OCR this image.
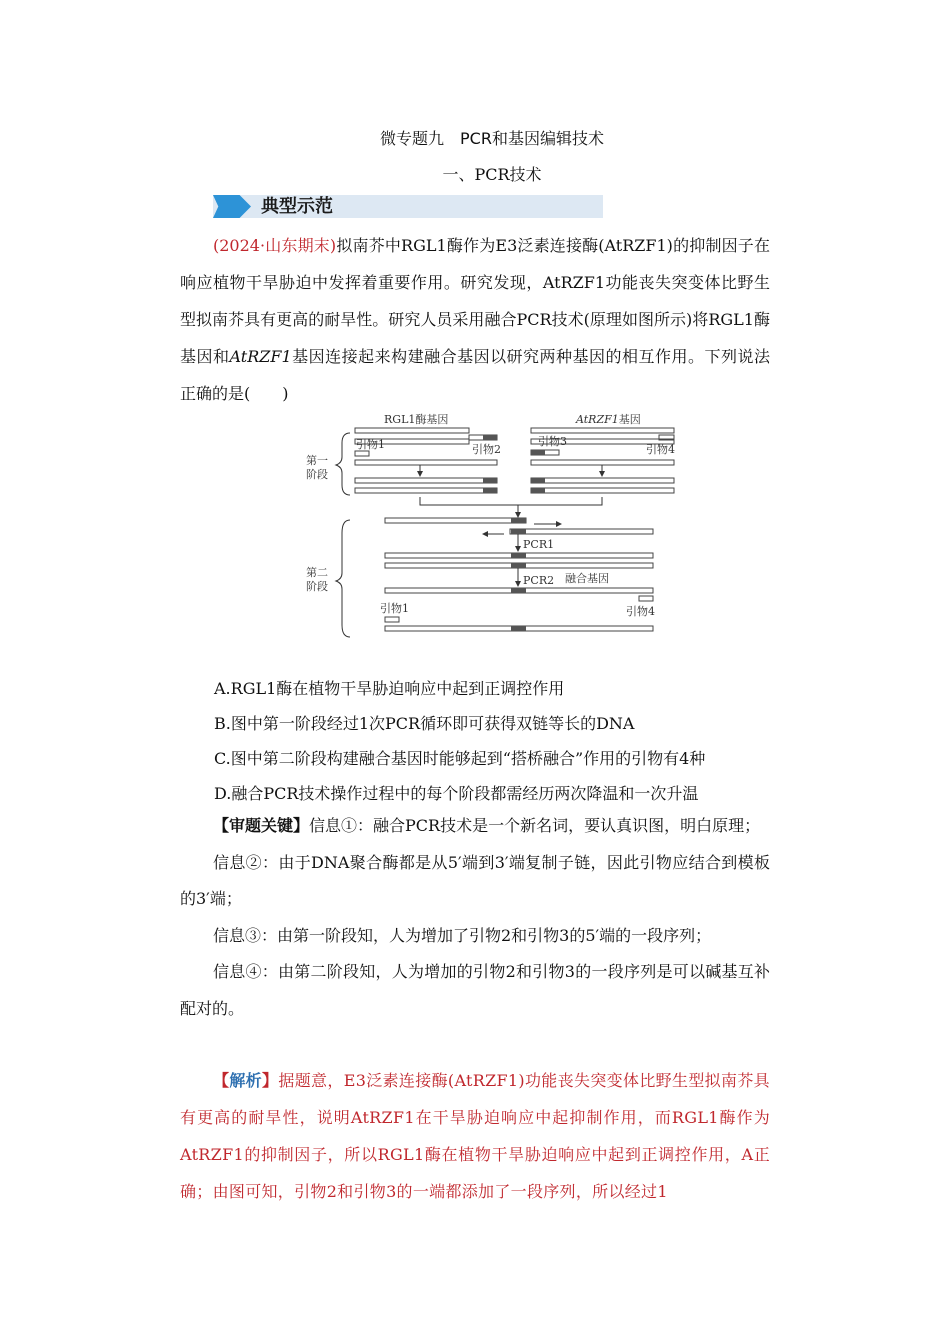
微专题九　PCR和基因编辑技术
一、PCR技术
典型示范
(2024·山东期末)拟南芥中RGL1酶作为E3泛素连接酶(AtRZF1)的抑制因子在响应植物干旱胁迫中发挥着重要作用。研究发现，AtRZF1功能丧失突变体比野生型拟南芥具有更高的耐旱性。研究人员采用融合PCR技术(原理如图所示)将RGL1酶基因和AtRZF1基因连接起来构建融合基因以研究两种基因的相互作用。下列说法正确的是(　　)
RGL1酶基因	AtRZF1基因
引物1	引物2
引物3
引物4
第一
阶段
第二
阶段
PCR1
PCR2 融合基因
引物1	引物4
A.RGL1酶在植物干旱胁迫响应中起到正调控作用
B.图中第一阶段经过1次PCR循环即可获得双链等长的DNA
C.图中第二阶段构建融合基因时能够起到“搭桥融合”作用的引物有4种
D.融合PCR技术操作过程中的每个阶段都需经历两次降温和一次升温

【审题关键】信息①：融合PCR技术是一个新名词，要认真识图，明白原理；

信息②：由于DNA聚合酶都是从5′端到3′端复制子链，因此引物应结合到模板的3′端；

信息③：由第一阶段知，人为增加了引物2和引物3的5′端的一段序列；

信息④：由第二阶段知，人为增加的引物2和引物3的一段序列是可以碱基互补配对的。

【解析】据题意，E3泛素连接酶(AtRZF1)功能丧失突变体比野生型拟南芥具有更高的耐旱性，说明AtRZF1在干旱胁迫响应中起抑制作用，而RGL1酶作为AtRZF1的抑制因子，所以RGL1酶在植物干旱胁迫响应中起到正调控作用，A正确；由图可知，引物2和引物3的一端都添加了一段序列，所以经过1
